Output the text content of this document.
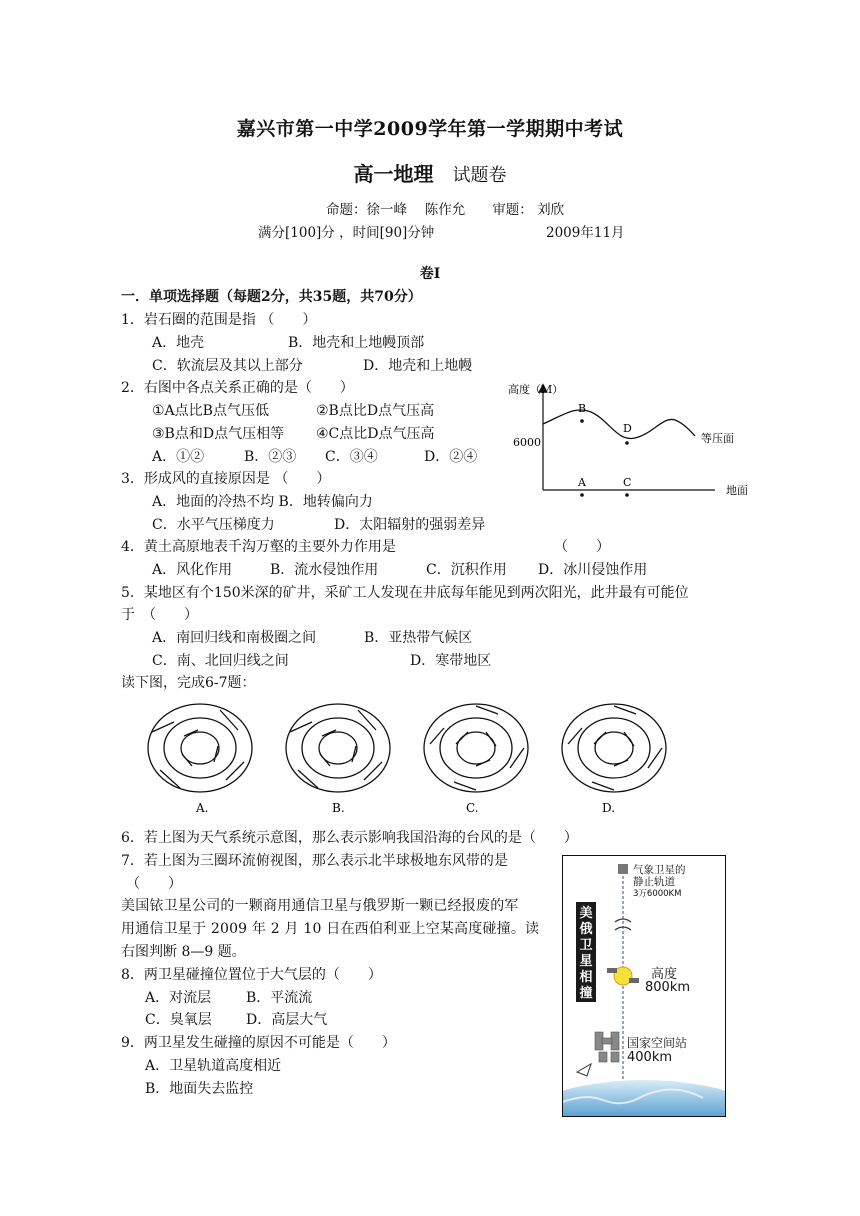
嘉兴市第一中学2009学年第一学期期中考试
高一地理 试题卷
命题：徐一峰　 陈作允　　审题： 刘欣
满分[100]分 ，时间[90]分钟	2009年11月
卷Ⅰ
一．单项选择题（每题2分，共35题，共70分）
1．岩石圈的范围是指 （　　）
A．地壳	B．地壳和上地幔顶部
C．软流层及其以上部分	D．地壳和上地幔
2．右图中各点关系正确的是（　　）
①A点比B点气压低	②B点比D点气压高
③B点和D点气压相等 ④C点比D点气压高
A．①②	B．②③ C．③④	D．②④
高度（M）
6000	等压面
地面
B
D
A	C
3．形成风的直接原因是 （　　）
A．地面的冷热不均 B．地转偏向力
C．水平气压梯度力	D．太阳辐射的强弱差异
4．黄土高原地表千沟万壑的主要外力作用是	（　　）
A．风化作用	B．流水侵蚀作用	C．沉积作用 D．冰川侵蚀作用
5．某地区有个150米深的矿井，采矿工人发现在井底每年能见到两次阳光，此井最有可能位
于　（　　）
A．南回归线和南极圈之间	B．亚热带气候区
C．南、北回归线之间	D．寒带地区
读下图，完成6-7题：
A.	B.	C.	D.
6．若上图为天气系统示意图，那么表示影响我国沿海的台风的是（　　）
7．若上图为三圈环流俯视图，那么表示北半球极地东风带的是
（　　）
美国铱卫星公司的一颗商用通信卫星与俄罗斯一颗已经报废的军
用通信卫星于 2009 年 2 月 10 日在西伯利亚上空某高度碰撞。读
右图判断 8—9 题。
8．两卫星碰撞位置位于大气层的（　　）
A．对流层 B．平流流
C．臭氧层 D．高层大气
9．两卫星发生碰撞的原因不可能是（　　）
A．卫星轨道高度相近
B．地面失去监控
气象卫星的
静止轨道
3万6000KM
美俄卫星相撞
高度
800km
国家空间站
400km
